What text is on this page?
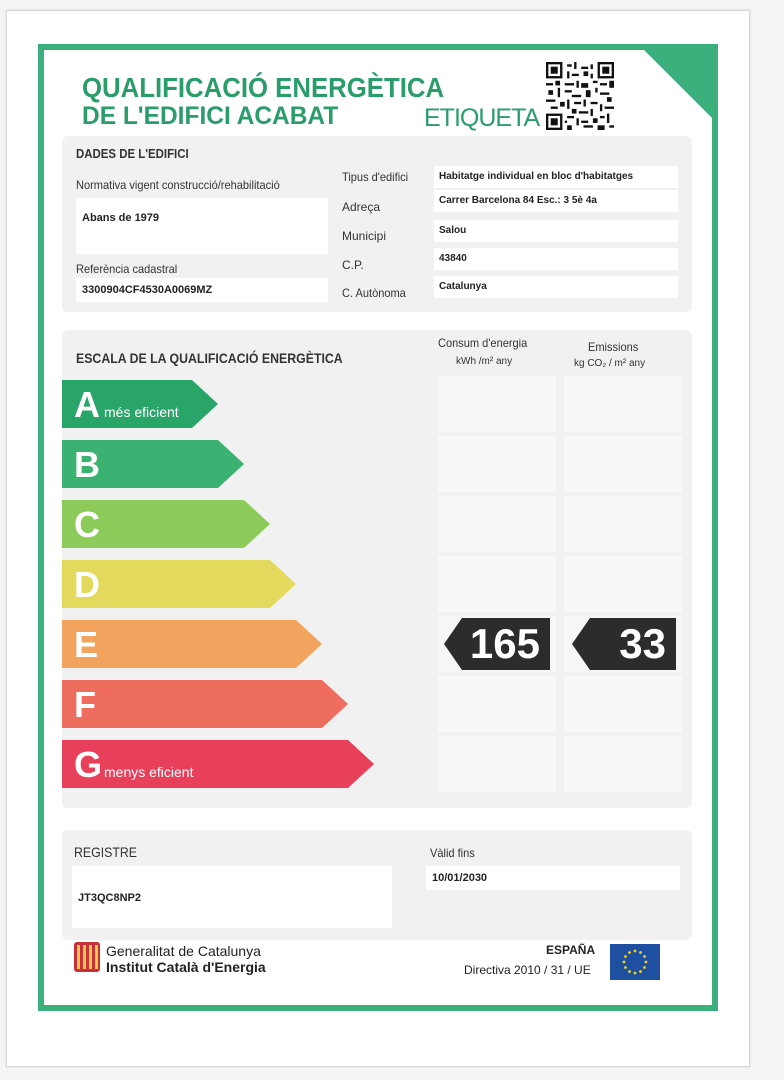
QUALIFICACIÓ ENERGÈTICA
DE L'EDIFICI ACABAT	ETIQUETA
DADES DE L'EDIFICI
Normativa vigent construcció/rehabilitació
Abans de 1979
Referència cadastral
3300904CF4530A0069MZ
Tipus d'edifici
Adreça
Municipi
C.P.
C. Autònoma
Habitatge individual en bloc d'habitatges
Carrer Barcelona 84 Esc.: 3 5è 4a
Salou
43840
Catalunya
ESCALA DE LA QUALIFICACIÓ ENERGÈTICA
Consum d'energia
kWh /m² any
Emissions
kg CO₂ / m² any
A més eficient
B
C
D
E
F
G menys eficient
165 33
REGISTRE
JT3QC8NP2
Vàlid fins
10/01/2030
Generalitat de Catalunya
Institut Català d'Energia
ESPAÑA
Directiva 2010 / 31 / UE
